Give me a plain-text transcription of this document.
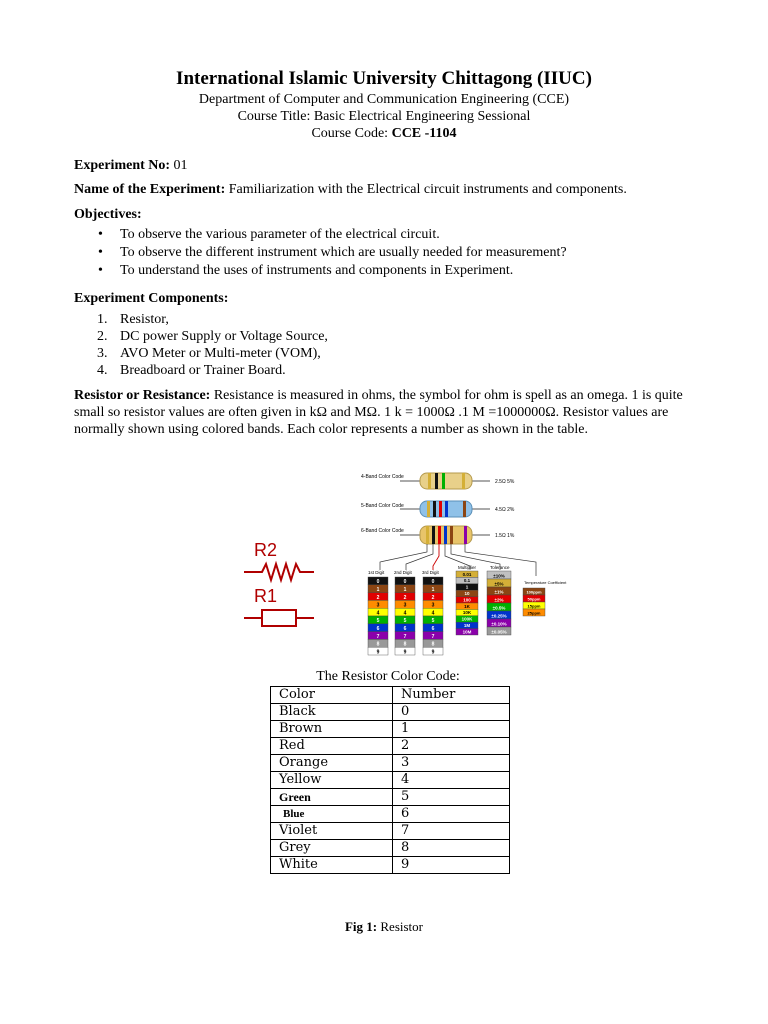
International Islamic University Chittagong (IIUC)
Department of Computer and Communication Engineering (CCE)
Course Title: Basic Electrical Engineering Sessional
Course Code: CCE -1104
Experiment No: 01
Name of the Experiment: Familiarization with the Electrical circuit instruments and components.
Objectives:
• To observe the various parameter of the electrical circuit.
• To observe the different instrument which are usually needed for measurement?
• To understand the uses of instruments and components in Experiment.
Experiment Components:
1. Resistor,
2. DC power Supply or Voltage Source,
3. AVO Meter or Multi-meter (VOM),
4. Breadboard or Trainer Board.
Resistor or Resistance: Resistance is measured in ohms, the symbol for ohm is spell as an omega. 1 is quite small so resistor values are often given in kΩ and MΩ. 1 k = 1000Ω .1 M =1000000Ω. Resistor values are normally shown using colored bands. Each color represents a number as shown in the table.
R2
R1
4-Band Color Code
5-Band Color Code
6-Band Color Code
2.5Ω 5%
4.5Ω 2%
1.5Ω 1%
1st Digit 2nd Digit 3rd Digit
Multiplier	Tolerance
Temperature Coefficient
0
1
2
3
4
5
6
7
8
9
0
1
2
3
4
5
6
7
8
9
0
1
2
3
4
5
6
7
8
9
0.01
0.1
1
10
100
1K
10K
100K
1M
10M
±10%
±5%
±1%
±2%
±0.5%
±0.25%
±0.10%
±0.05%
100ppm
50ppm
15ppm
25ppm
The Resistor Color Code:
Color	Number
Black	0
Brown	1
Red	2
Orange	3
Yellow	4
Green	5
Blue	6
Violet	7
Grey	8
White	9
Fig 1: Resistor
